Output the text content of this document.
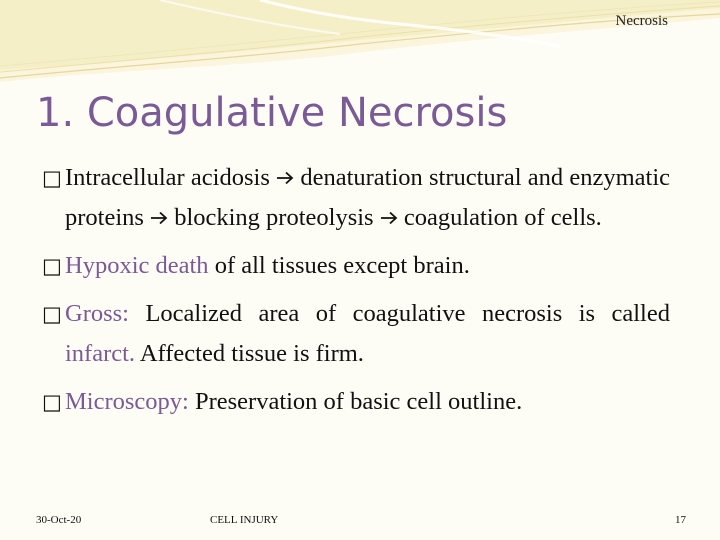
Necrosis
1. Coagulative Necrosis
□ Intracellular acidosis  denaturation structural and enzymatic proteins  blocking proteolysis  coagulation of cells.
□ Hypoxic death of all tissues except brain.
□ Gross: Localized area of coagulative necrosis is called infarct. Affected tissue is firm.
□ Microscopy: Preservation of basic cell outline.
30-Oct-20	CELL INJURY	17
